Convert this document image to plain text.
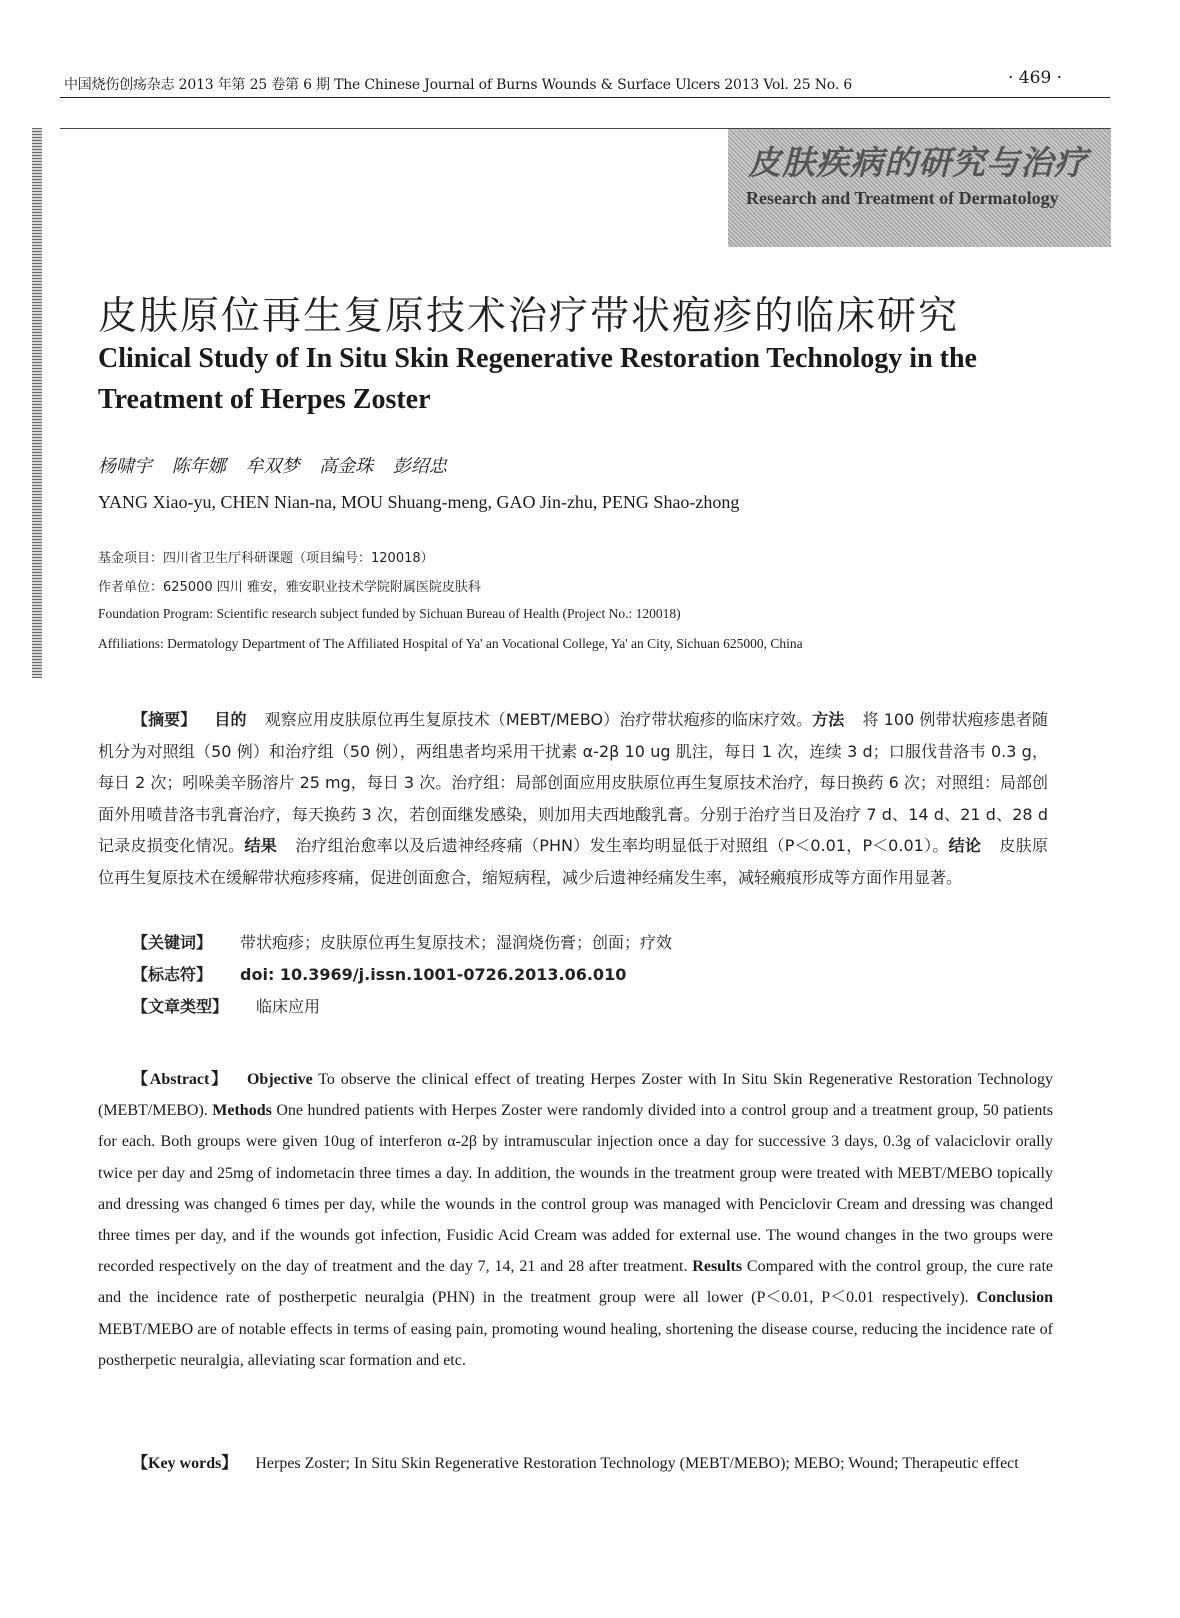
中国烧伤创疡杂志 2013 年第 25 卷第 6 期 The Chinese Journal of Burns Wounds & Surface Ulcers 2013 Vol. 25 No. 6	· 469 ·
皮肤疾病的研究与治疗
Research and Treatment of Dermatology
皮肤原位再生复原技术治疗带状疱疹的临床研究
Clinical Study of In Situ Skin Regenerative Restoration Technology in the Treatment of Herpes Zoster
杨啸宇 陈年娜 牟双梦 高金珠 彭绍忠
YANG Xiao-yu, CHEN Nian-na, MOU Shuang-meng, GAO Jin-zhu, PENG Shao-zhong
基金项目：四川省卫生厅科研课题（项目编号：120018）
作者单位：625000 四川 雅安，雅安职业技术学院附属医院皮肤科
Foundation Program: Scientific research subject funded by Sichuan Bureau of Health (Project No.: 120018)
Affiliations: Dermatology Department of The Affiliated Hospital of Ya' an Vocational College, Ya' an City, Sichuan 625000, China
【摘要】 目的 观察应用皮肤原位再生复原技术（MEBT/MEBO）治疗带状疱疹的临床疗效。方法 将 100 例带状疱疹患者随机分为对照组（50 例）和治疗组（50 例），两组患者均采用干扰素 α-2β 10 ug 肌注，每日 1 次，连续 3 d；口服伐昔洛韦 0.3 g，每日 2 次；吲哚美辛肠溶片 25 mg，每日 3 次。治疗组：局部创面应用皮肤原位再生复原技术治疗，每日换药 6 次；对照组：局部创面外用喷昔洛韦乳膏治疗，每天换药 3 次，若创面继发感染，则加用夫西地酸乳膏。分别于治疗当日及治疗 7 d、14 d、21 d、28 d 记录皮损变化情况。结果 治疗组治愈率以及后遗神经疼痛（PHN）发生率均明显低于对照组（P＜0.01，P＜0.01）。结论 皮肤原位再生复原技术在缓解带状疱疹疼痛，促进创面愈合，缩短病程，减少后遗神经痛发生率，减轻瘢痕形成等方面作用显著。
【关键词】 带状疱疹；皮肤原位再生复原技术；湿润烧伤膏；创面；疗效
【标志符】 doi: 10.3969/j.issn.1001-0726.2013.06.010
【文章类型】 临床应用
【Abstract】 Objective To observe the clinical effect of treating Herpes Zoster with In Situ Skin Regenerative Restoration Technology (MEBT/MEBO). Methods One hundred patients with Herpes Zoster were randomly divided into a control group and a treatment group, 50 patients for each. Both groups were given 10ug of interferon α-2β by intramuscular injection once a day for successive 3 days, 0.3g of valaciclovir orally twice per day and 25mg of indometacin three times a day. In addition, the wounds in the treatment group were treated with MEBT/MEBO topically and dressing was changed 6 times per day, while the wounds in the control group was managed with Penciclovir Cream and dressing was changed three times per day, and if the wounds got infection, Fusidic Acid Cream was added for external use. The wound changes in the two groups were recorded respectively on the day of treatment and the day 7, 14, 21 and 28 after treatment. Results Compared with the control group, the cure rate and the incidence rate of postherpetic neuralgia (PHN) in the treatment group were all lower (P＜0.01, P＜0.01 respectively). Conclusion MEBT/MEBO are of notable effects in terms of easing pain, promoting wound healing, shortening the disease course, reducing the incidence rate of postherpetic neuralgia, alleviating scar formation and etc.
【Key words】 Herpes Zoster; In Situ Skin Regenerative Restoration Technology (MEBT/MEBO); MEBO; Wound; Therapeutic effect
